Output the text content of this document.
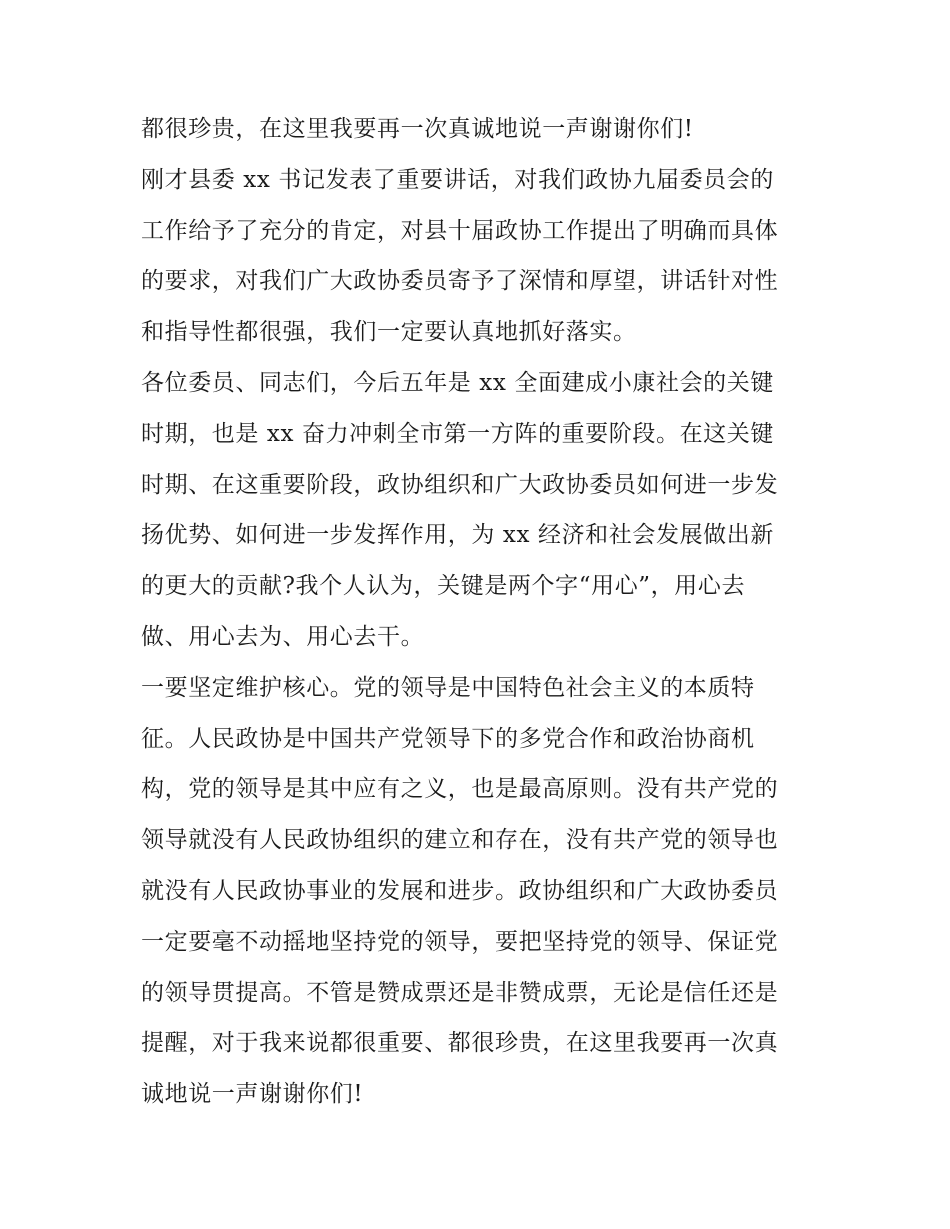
都很珍贵，在这里我要再一次真诚地说一声谢谢你们!
刚才县委 xx 书记发表了重要讲话，对我们政协九届委员会的
工作给予了充分的肯定，对县十届政协工作提出了明确而具体
的要求，对我们广大政协委员寄予了深情和厚望，讲话针对性
和指导性都很强，我们一定要认真地抓好落实。
各位委员、同志们，今后五年是 xx 全面建成小康社会的关键
时期，也是 xx 奋力冲刺全市第一方阵的重要阶段。在这关键
时期、在这重要阶段，政协组织和广大政协委员如何进一步发
扬优势、如何进一步发挥作用，为 xx 经济和社会发展做出新
的更大的贡献?我个人认为，关键是两个字“用心”，用心去
做、用心去为、用心去干。
一要坚定维护核心。党的领导是中国特色社会主义的本质特
征。人民政协是中国共产党领导下的多党合作和政治协商机
构，党的领导是其中应有之义，也是最高原则。没有共产党的
领导就没有人民政协组织的建立和存在，没有共产党的领导也
就没有人民政协事业的发展和进步。政协组织和广大政协委员
一定要毫不动摇地坚持党的领导，要把坚持党的领导、保证党
的领导贯提高。不管是赞成票还是非赞成票，无论是信任还是
提醒，对于我来说都很重要、都很珍贵，在这里我要再一次真
诚地说一声谢谢你们!
